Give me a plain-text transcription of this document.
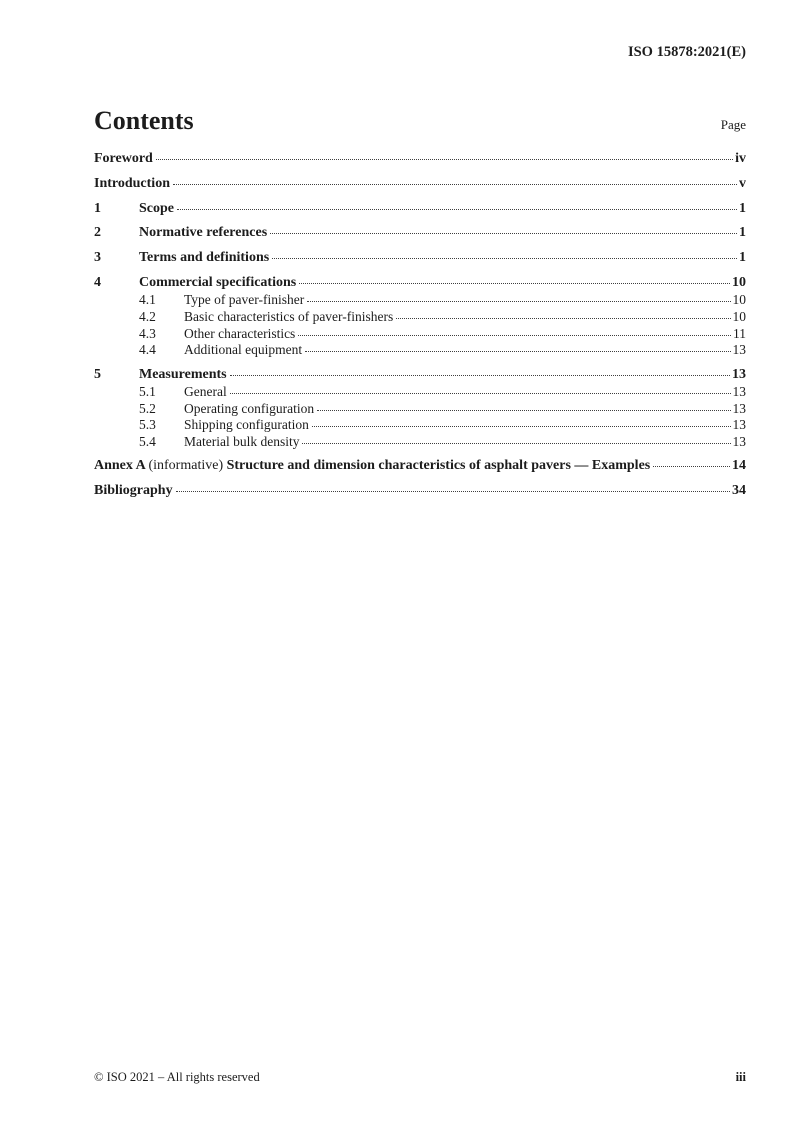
ISO 15878:2021(E)
Contents	Page
Foreword	iv
Introduction	v
1	Scope	1
2	Normative references	1
3	Terms and definitions	1
4	Commercial specifications	10
4.1	Type of paver-finisher	10
4.2	Basic characteristics of paver-finishers	10
4.3	Other characteristics	11
4.4	Additional equipment	13
5	Measurements	13
5.1	General	13
5.2	Operating configuration	13
5.3	Shipping configuration	13
5.4	Material bulk density	13
Annex A (informative) Structure and dimension characteristics of asphalt pavers — Examples	14
Bibliography	34
© ISO 2021 – All rights reserved	iii
